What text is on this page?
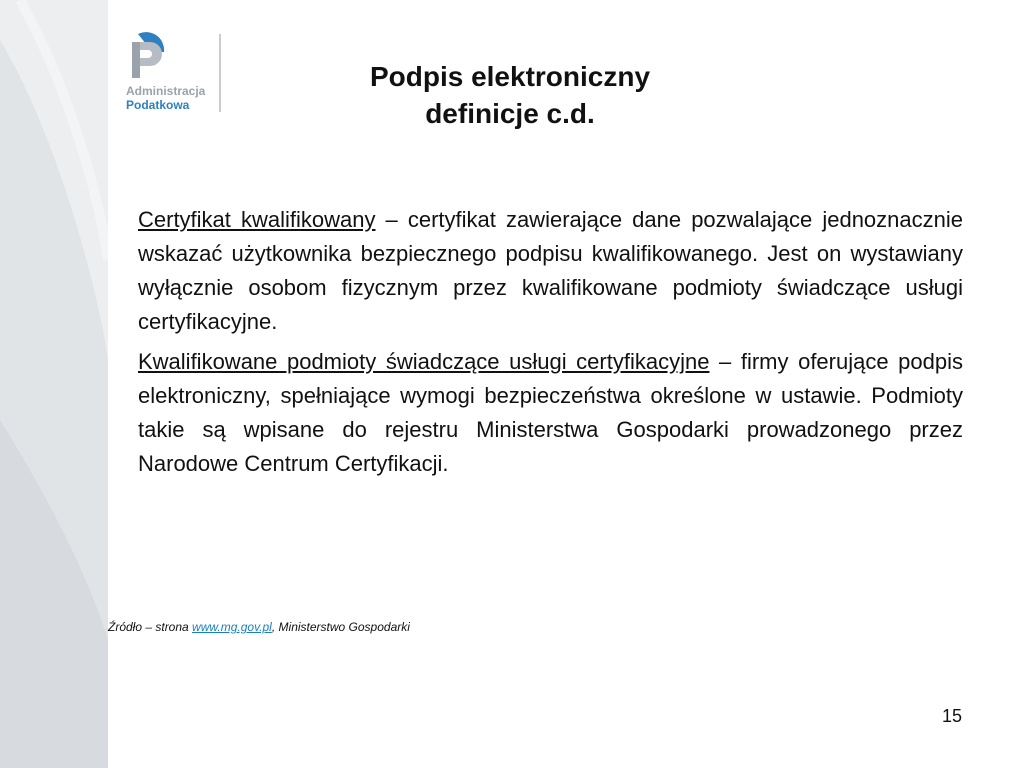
Administracja
Podatkowa
Podpis elektroniczny
definicje c.d.

Certyfikat kwalifikowany – certyfikat zawierające dane pozwalające jednoznacznie wskazać użytkownika bezpiecznego podpisu kwalifikowanego. Jest on wystawiany wyłącznie osobom fizycznym przez kwalifikowane podmioty świadczące usługi certyfikacyjne.

Kwalifikowane podmioty świadczące usługi certyfikacyjne – firmy oferujące podpis elektroniczny, spełniające wymogi bezpieczeństwa określone w ustawie. Podmioty takie są wpisane do rejestru Ministerstwa Gospodarki prowadzonego przez Narodowe Centrum Certyfikacji.

Źródło – strona www.mg.gov.pl, Ministerstwo Gospodarki
15
